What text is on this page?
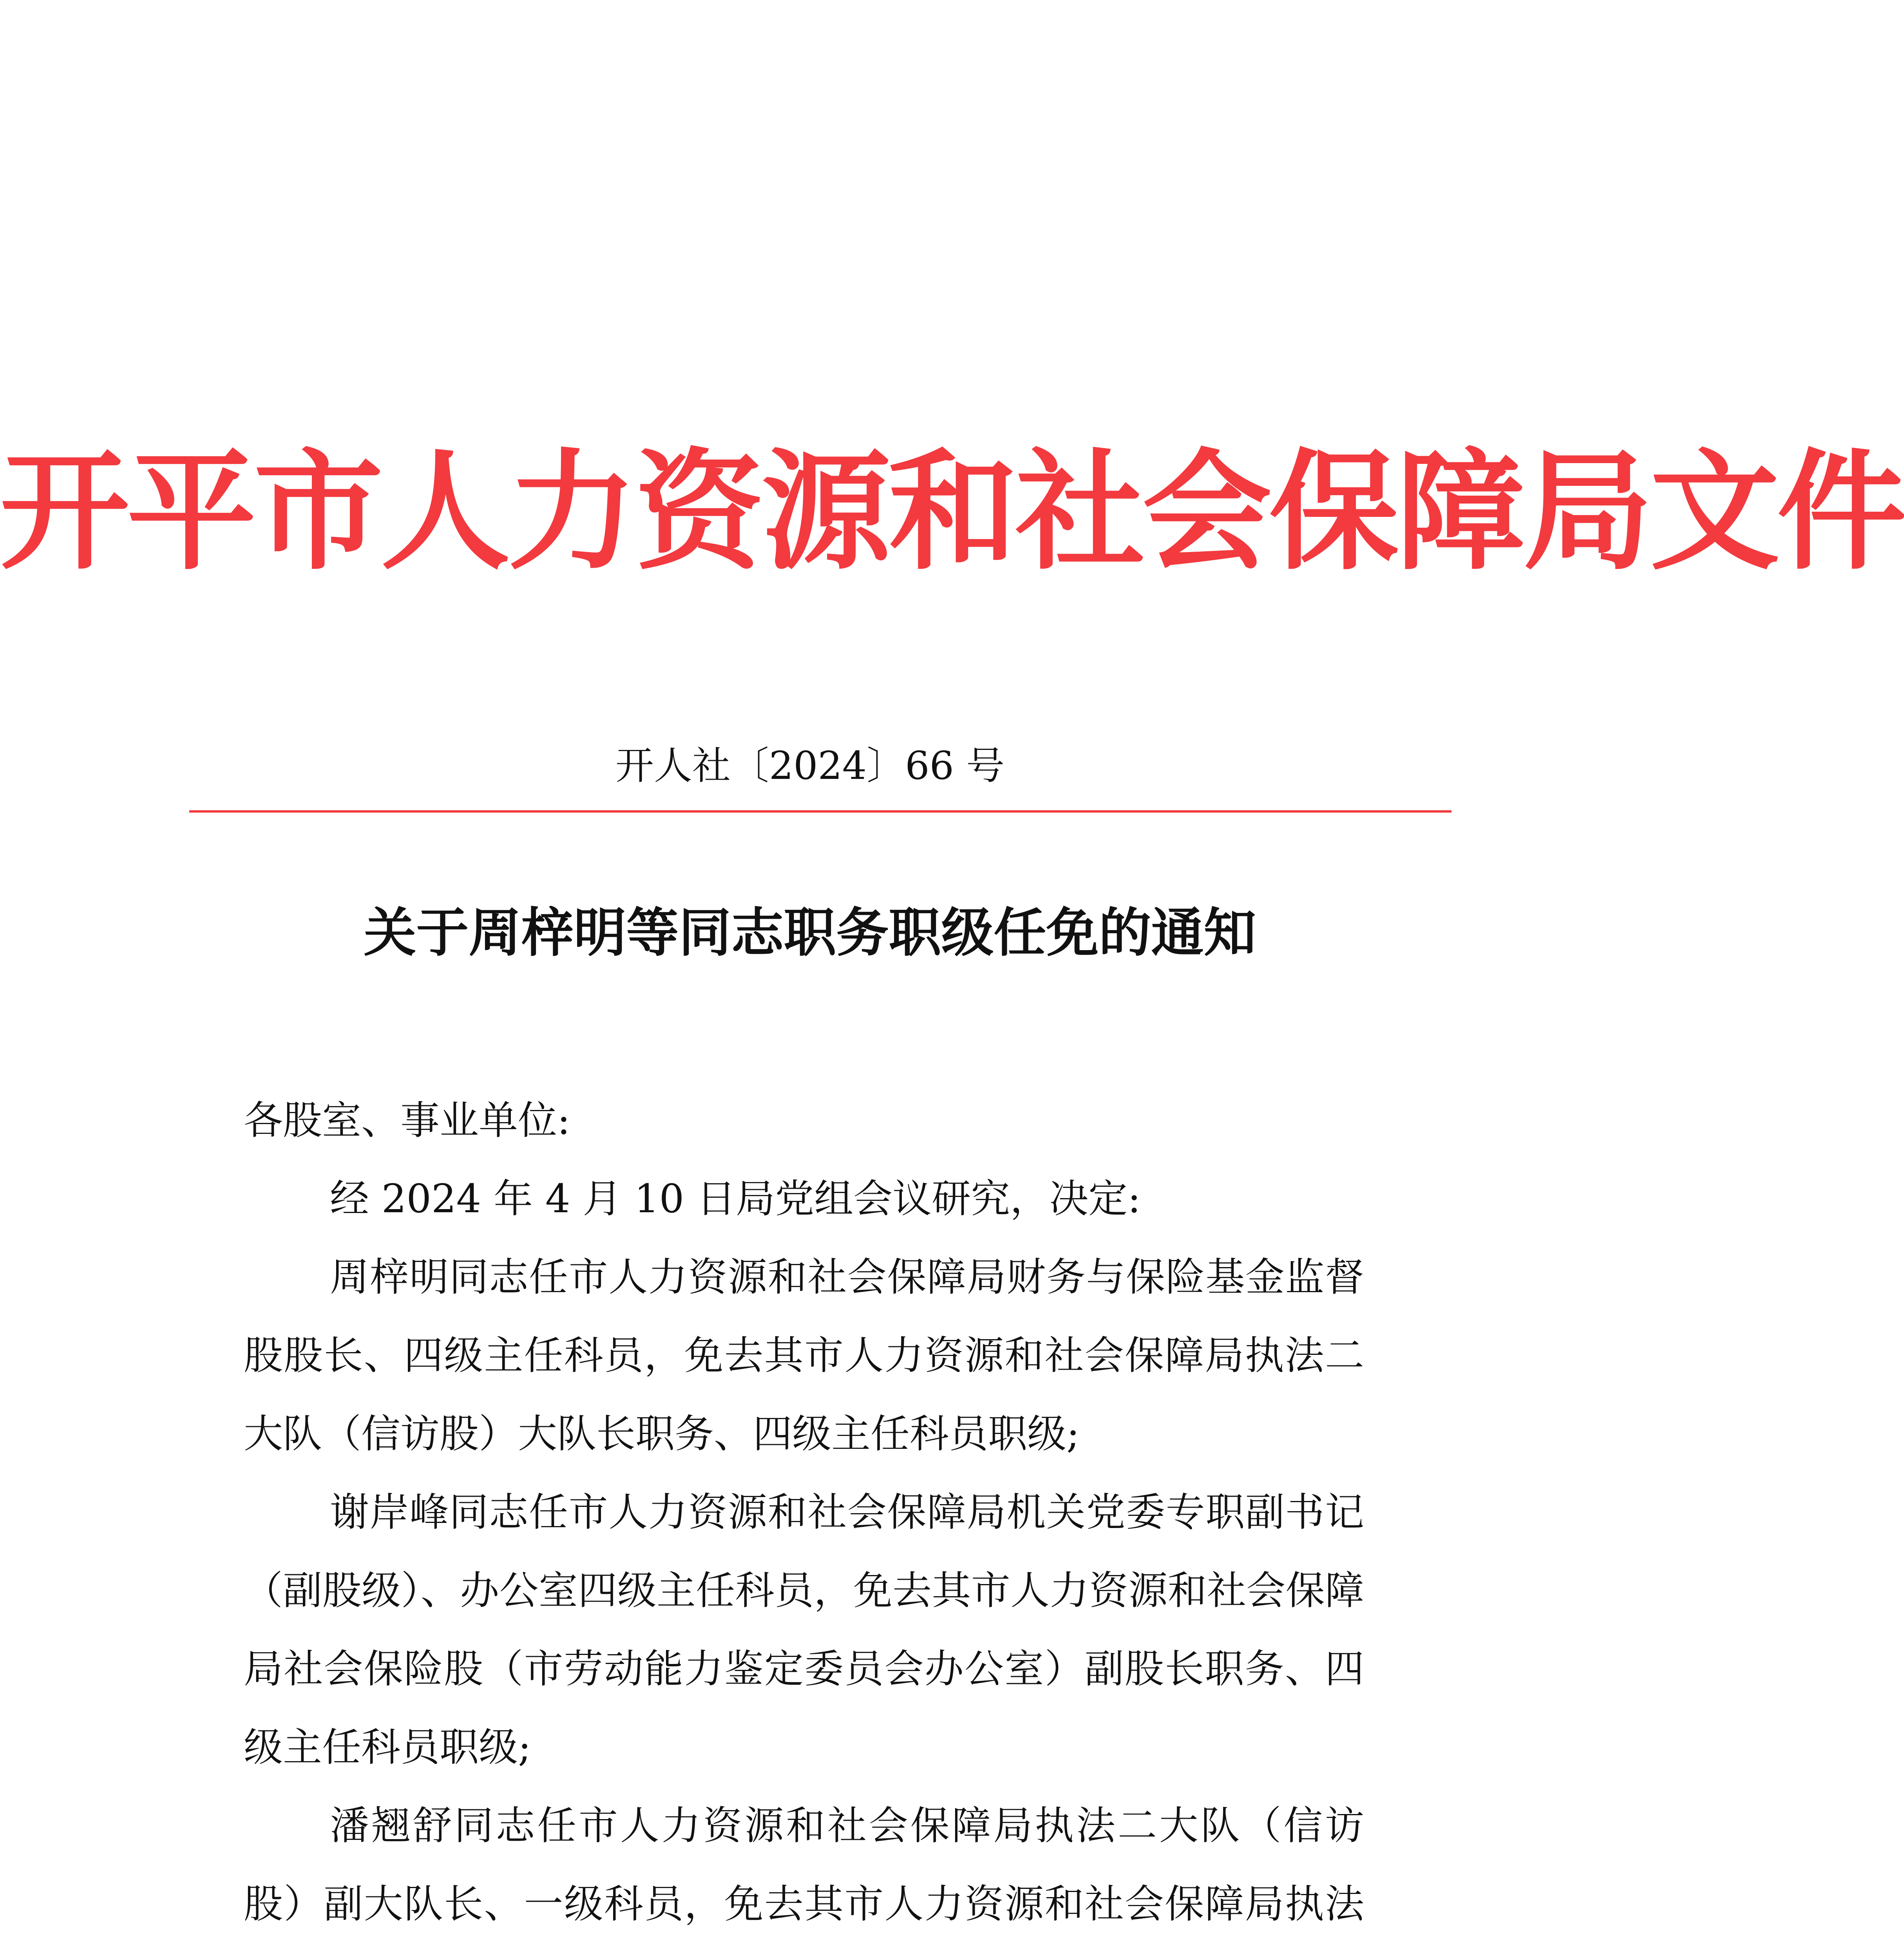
开平市人力资源和社会保障局文件
开人社〔2024〕66 号
关于周梓明等同志职务职级任免的通知

各股室、事业单位:

经 2024 年 4 月 10 日局党组会议研究，决定:

周梓明同志任市人力资源和社会保障局财务与保险基金监督股股长、四级主任科员，免去其市人力资源和社会保障局执法二大队（信访股）大队长职务、四级主任科员职级;

谢岸峰同志任市人力资源和社会保障局机关党委专职副书记（副股级）、办公室四级主任科员，免去其市人力资源和社会保障局社会保险股（市劳动能力鉴定委员会办公室）副股长职务、四级主任科员职级;

潘翘舒同志任市人力资源和社会保障局执法二大队（信访股）副大队长、一级科员，免去其市人力资源和社会保障局执法
